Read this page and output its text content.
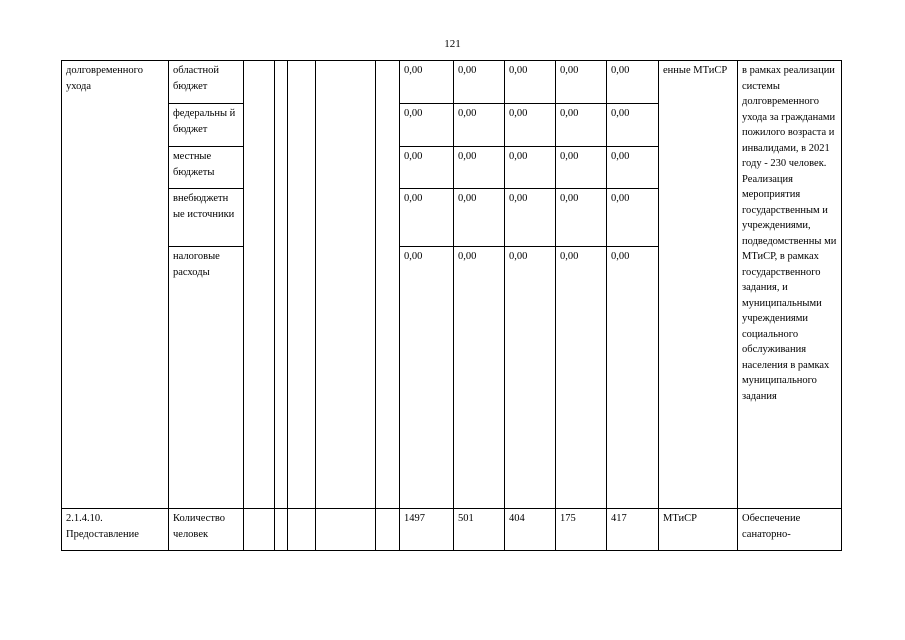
121
долговременного ухода	областной бюджет						0,00	0,00	0,00	0,00	0,00	енные МТиСР	в рамках реализации системы долговременного ухода за гражданами пожилого возраста и инвалидами, в 2021 году - 230 человек. Реализация мероприятия государственным и учреждениями, подведомственны ми МТиСР, в рамках государственного задания, и муниципальными учреждениями социального обслуживания населения в рамках муниципального задания
	федеральны й бюджет						0,00	0,00	0,00	0,00	0,00		
	местные бюджеты						0,00	0,00	0,00	0,00	0,00		
	внебюджетн ые источники						0,00	0,00	0,00	0,00	0,00		
	налоговые расходы						0,00	0,00	0,00	0,00	0,00		
2.1.4.10. Предоставление	Количество человек						1497	501	404	175	417	МТиСР	Обеспечение санаторно-
